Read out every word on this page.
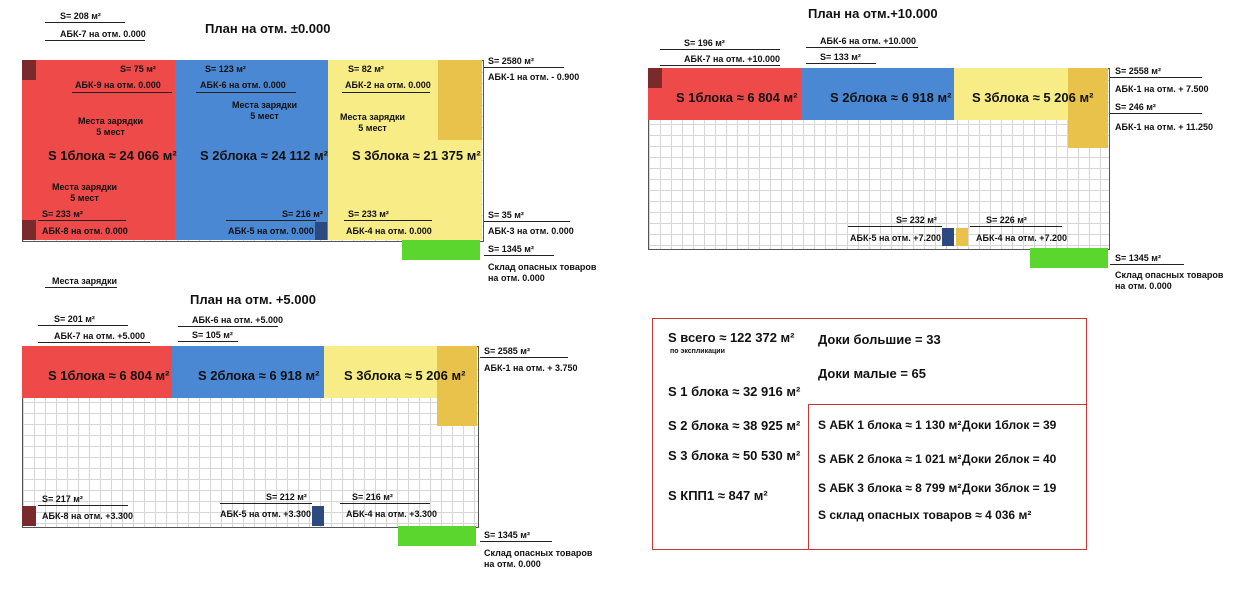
План на отм. ±0.000
S= 208 м²
АБК-7 на отм. 0.000
S= 75 м²
АБК-9 на отм. 0.000
S= 123 м²
АБК-6 на отм. 0.000
S= 82 м²
АБК-2 на отм. 0.000
S= 2580 м²
АБК-1 на отм. - 0.900
Места зарядки
5 мест
Места зарядки
5 мест	Места зарядки
5 мест
Места зарядки
5 мест
S 1блока ≈ 24 066 м² S 2блока ≈ 24 112 м² S 3блока ≈ 21 375 м²
S= 233 м²
АБК-8 на отм. 0.000
S= 216 м²
АБК-5 на отм. 0.000
S= 233 м²
АБК-4 на отм. 0.000
S= 35 м²
АБК-3 на отм. 0.000
S= 1345 м²
Склад опасных товаров
на отм. 0.000
Места зарядки
План на отм.+10.000
S= 196 м²
АБК-7 на отм. +10.000
АБК-6 на отм. +10.000
S= 133 м²
S= 2558 м²
АБК-1 на отм. + 7.500
S= 246 м²
АБК-1 на отм. + 11.250
S 1блока ≈ 6 804 м²	S 2блока ≈ 6 918 м² S 3блока ≈ 5 206 м²
S= 232 м²
АБК-5 на отм. +7.200
S= 226 м²
АБК-4 на отм. +7.200
S= 1345 м²
Склад опасных товаров
на отм. 0.000
План на отм. +5.000
S= 201 м²
АБК-7 на отм. +5.000
АБК-6 на отм. +5.000
S= 105 м²
S= 2585 м²
АБК-1 на отм. + 3.750
S 1блока ≈ 6 804 м² S 2блока ≈ 6 918 м² S 3блока ≈ 5 206 м²
S= 217 м²
АБК-8 на отм. +3.300
S= 212 м²
АБК-5 на отм. +3.300
S= 216 м²
АБК-4 на отм. +3.300
S= 1345 м²
Склад опасных товаров
на отм. 0.000
S всего ≈ 122 372 м²
по экспликации
Доки большие = 33
Доки малые = 65
S 1 блока ≈ 32 916 м²
S 2 блока ≈ 38 925 м²
S 3 блока ≈ 50 530 м²
S КПП1 ≈ 847 м²
S АБК 1 блока ≈ 1 130 м²
S АБК 2 блока ≈ 1 021 м²
S АБК 3 блока ≈ 8 799 м²
Доки 1блок = 39
Доки 2блок = 40
Доки 3блок = 19
S склад опасных товаров ≈ 4 036 м²
